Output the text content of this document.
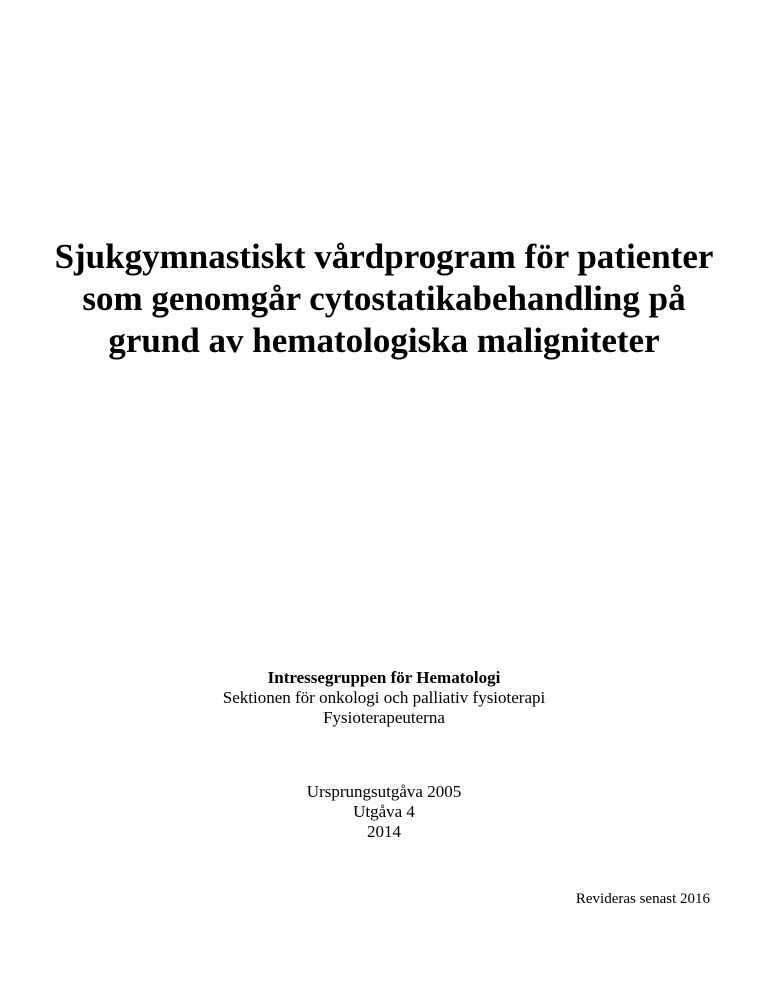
Sjukgymnastiskt vårdprogram för patienter
som genomgår cytostatikabehandling på
grund av hematologiska maligniteter
Intressegruppen för Hematologi
Sektionen för onkologi och palliativ fysioterapi
Fysioterapeuterna
Ursprungsutgåva 2005
Utgåva 4
2014
Revideras senast 2016
